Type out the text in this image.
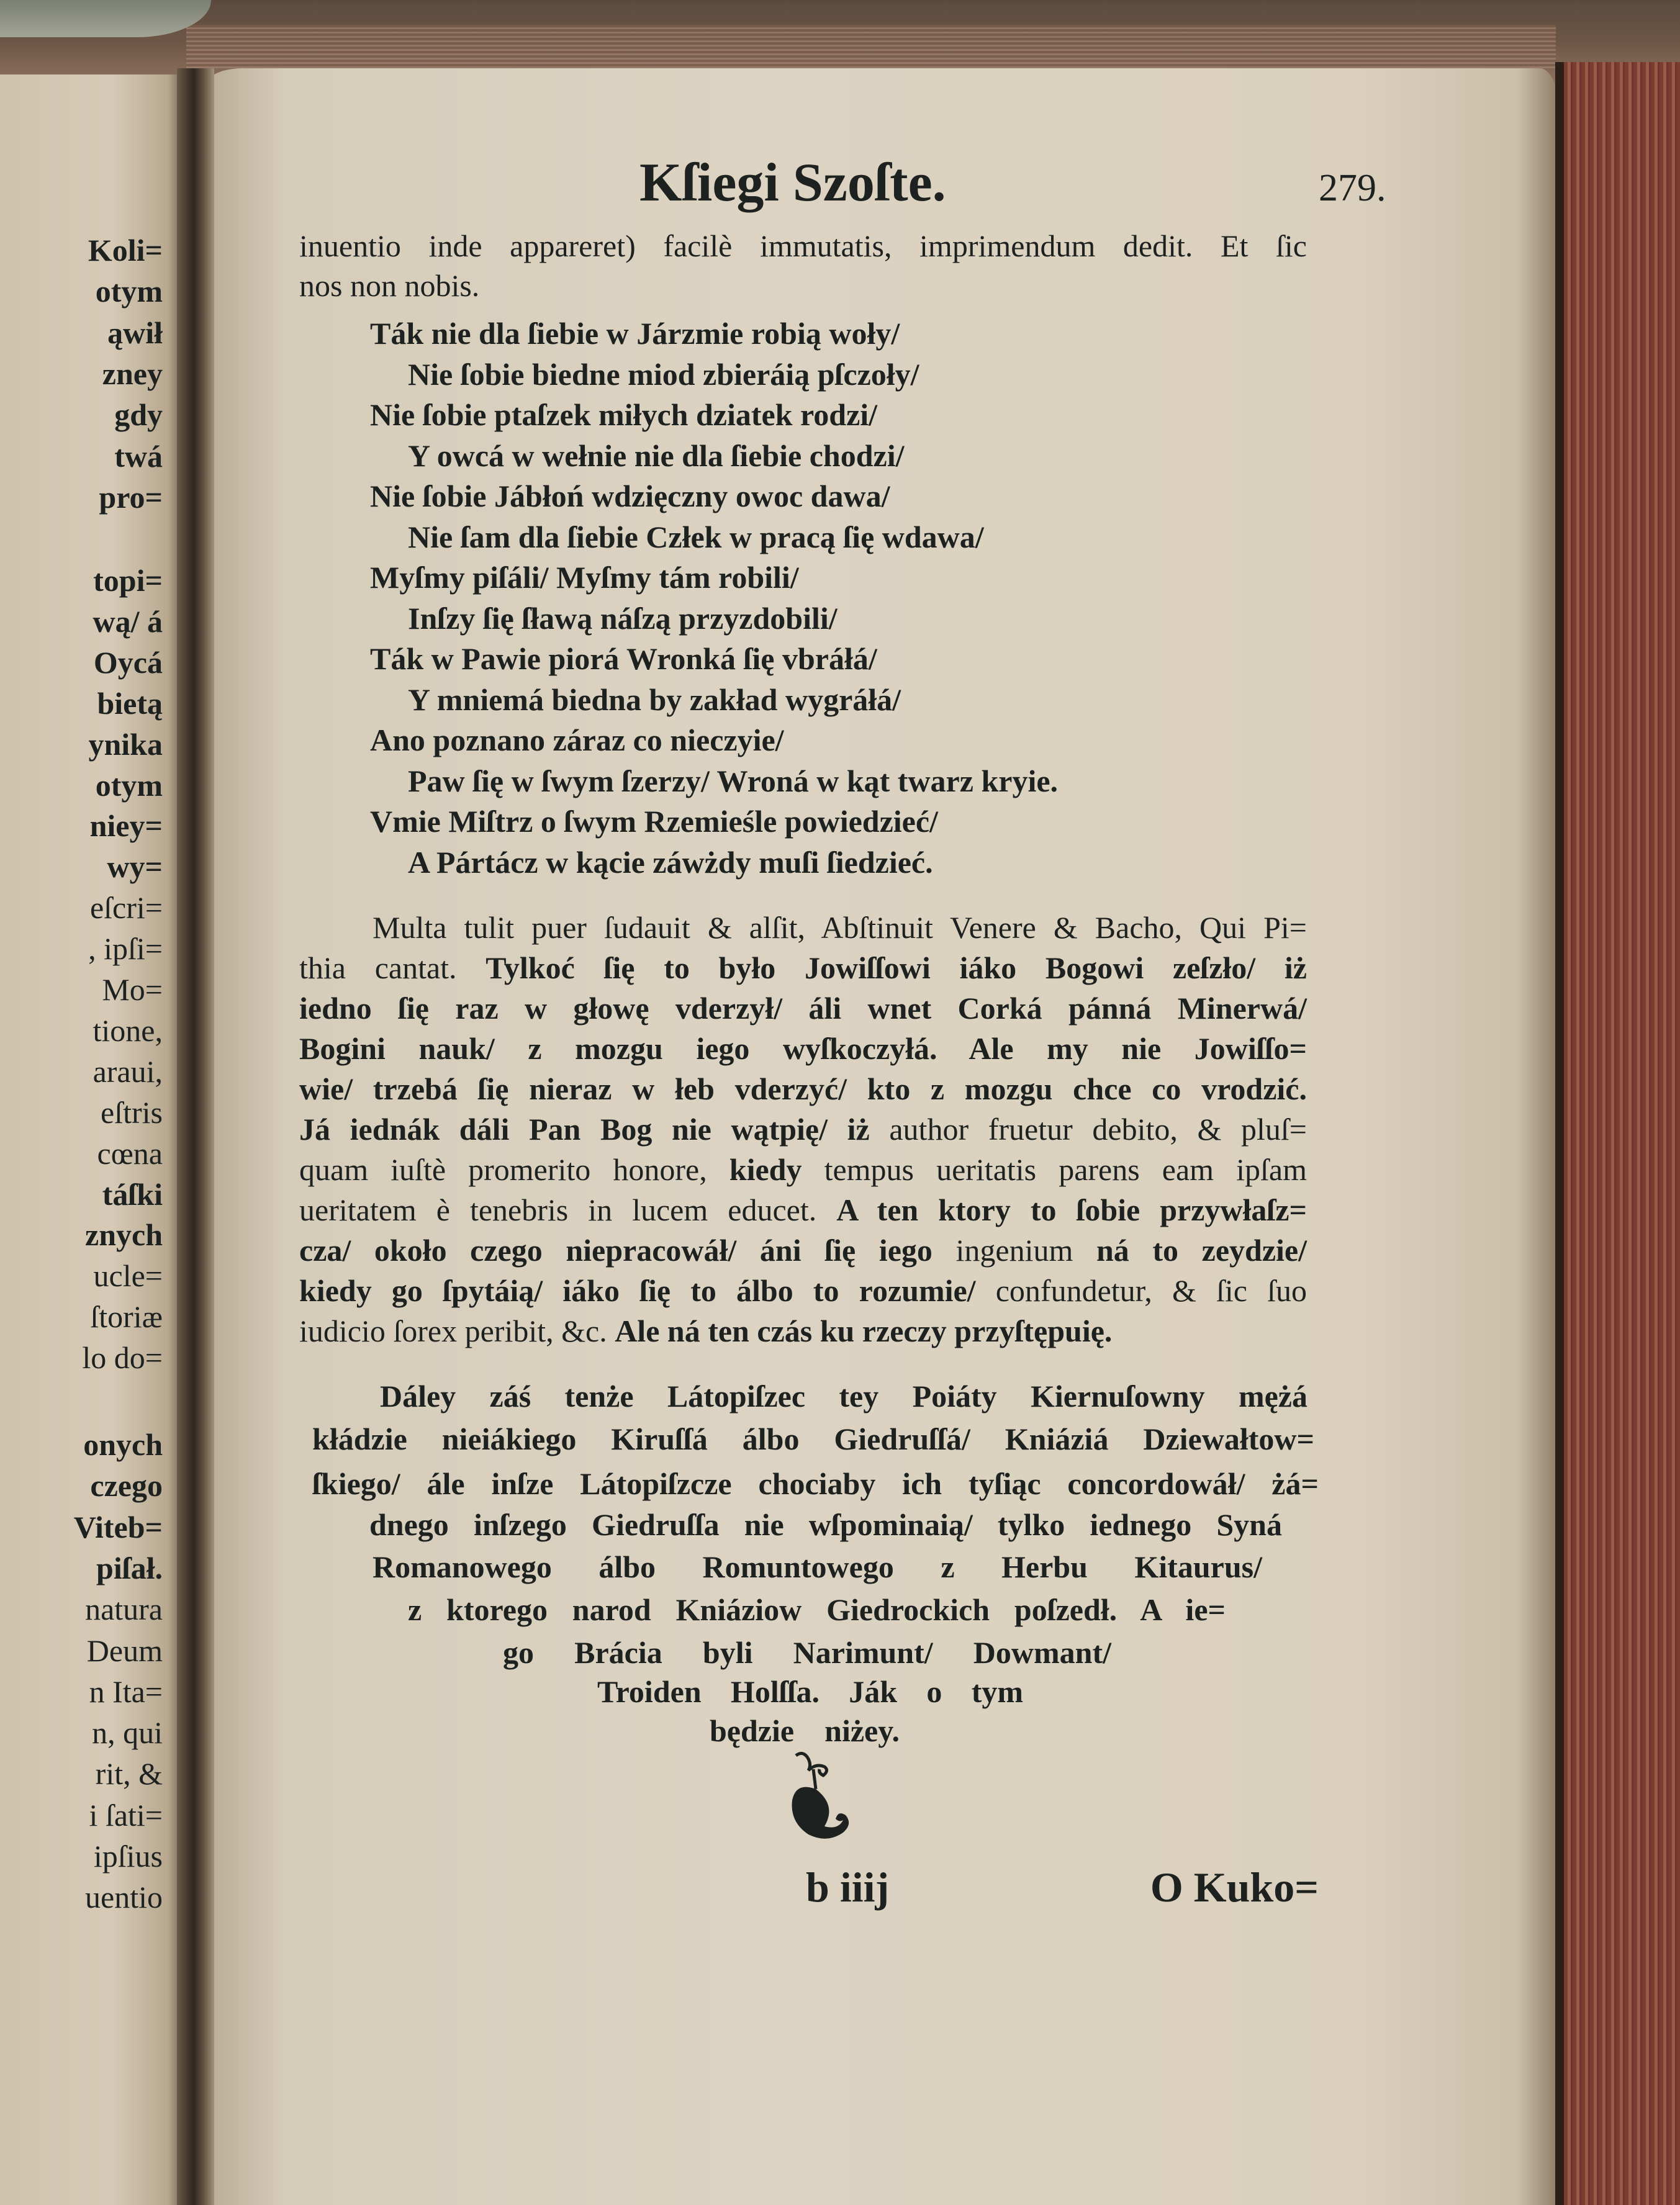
Koli=
otym
ąwił
zney
gdy
twá
pro=
topi=
wą/ á
Oycá
bietą
ynika
otym
niey=
wy=
eſcri=
, ipſi=
Mo=
tione,
araui,
eſtris
cœna
táſki
znych
ucle=
ſtoriæ
lo do=
onych
czego
Viteb=
piſał.
natura
Deum
n Ita=
n, qui
rit, &
i ſati=
ipſius
uentio
Kſiegi Szoſte.	279.
inuentio inde appareret) facilè immutatis, imprimendum dedit. Et ſic
nos non nobis.
Ták nie dla ſiebie w Járzmie robią woły/
Nie ſobie biedne miod zbieráią pſczoły/
Nie ſobie ptaſzek miłych dziatek rodzi/
Y owcá w wełnie nie dla ſiebie chodzi/
Nie ſobie Jábłoń wdzięczny owoc dawa/
Nie ſam dla ſiebie Człek w pracą ſię wdawa/
Myſmy piſáli/ Myſmy tám robili/
Inſzy ſię ſławą náſzą przyzdobili/
Ták w Pawie piorá Wronká ſię vbráłá/
Y mniemá biedna by zakład wygráłá/
Ano poznano záraz co nieczyie/
Paw ſię w ſwym ſzerzy/ Wroná w kąt twarz kryie.
Vmie Miſtrz o ſwym Rzemieśle powiedzieć/
A Pártácz w kącie záwżdy muſi ſiedzieć.
Multa tulit puer ſudauit & alſit, Abſtinuit Venere & Bacho, Qui Pi=
thia cantat. Tylkoć ſię to było Jowiſſowi iáko Bogowi zeſzło/ iż
iedno ſię raz w głowę vderzył/ áli wnet Corká pánná Minerwá/
Bogini nauk/ z mozgu iego wyſkoczyłá. Ale my nie Jowiſſo=
wie/ trzebá ſię nieraz w łeb vderzyć/ kto z mozgu chce co vrodzić.
Já iednák dáli Pan Bog nie wątpię/ iż author fruetur debito, & pluſ=
quam iuſtè promerito honore, kiedy tempus ueritatis parens eam ipſam
ueritatem è tenebris in lucem educet. A ten ktory to ſobie przywłaſz=
cza/ około czego niepracowáł/ áni ſię iego ingenium ná to zeydzie/
kiedy go ſpytáią/ iáko ſię to álbo to rozumie/ confundetur, & ſic ſuo
iudicio ſorex peribit, &c. Ale ná ten czás ku rzeczy przyſtępuię.
Dáley záś tenże Látopiſzec tey Poiáty Kiernuſowny mężá
kłádzie nieiákiego Kiruſſá álbo Giedruſſá/ Kniáziá Dziewałtow=
ſkiego/ ále inſze Látopiſzcze chociaby ich tyſiąc concordowáł/ żá=
dnego inſzego Giedruſſa nie wſpominaią/ tylko iednego Syná
Romanowego álbo Romuntowego z Herbu Kitaurus/
z ktorego narod Kniáziow Giedrockich poſzedł. A ie=
go Brácia byli Narimunt/ Dowmant/
Troiden Holſſa. Ják o tym
będzie niżey.
b iiij	O Kuko=
